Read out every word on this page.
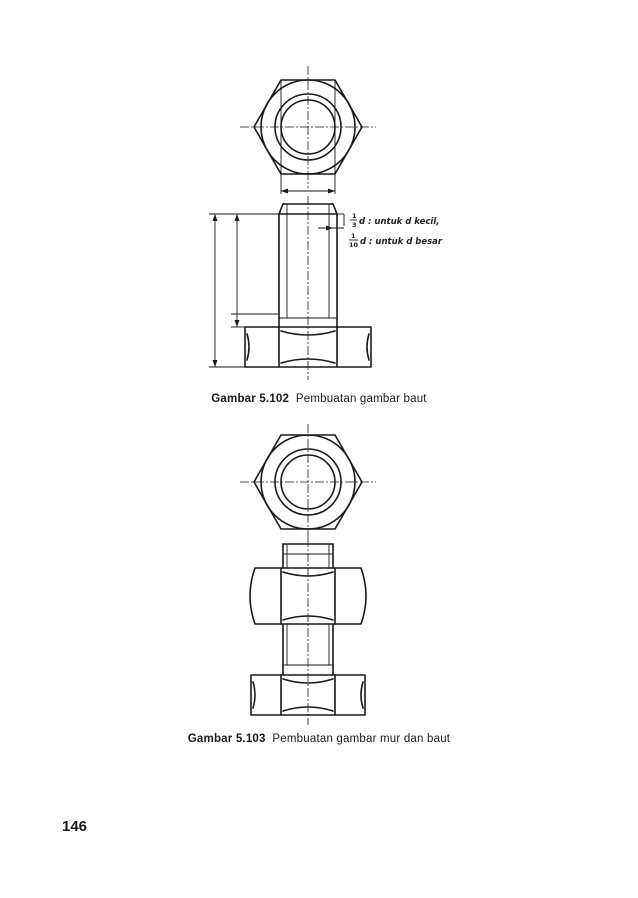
1
3 d : untuk d kecil,
1
10 d : untuk d besar
Gambar 5.102 Pembuatan gambar baut
Gambar 5.103 Pembuatan gambar mur dan baut
146
